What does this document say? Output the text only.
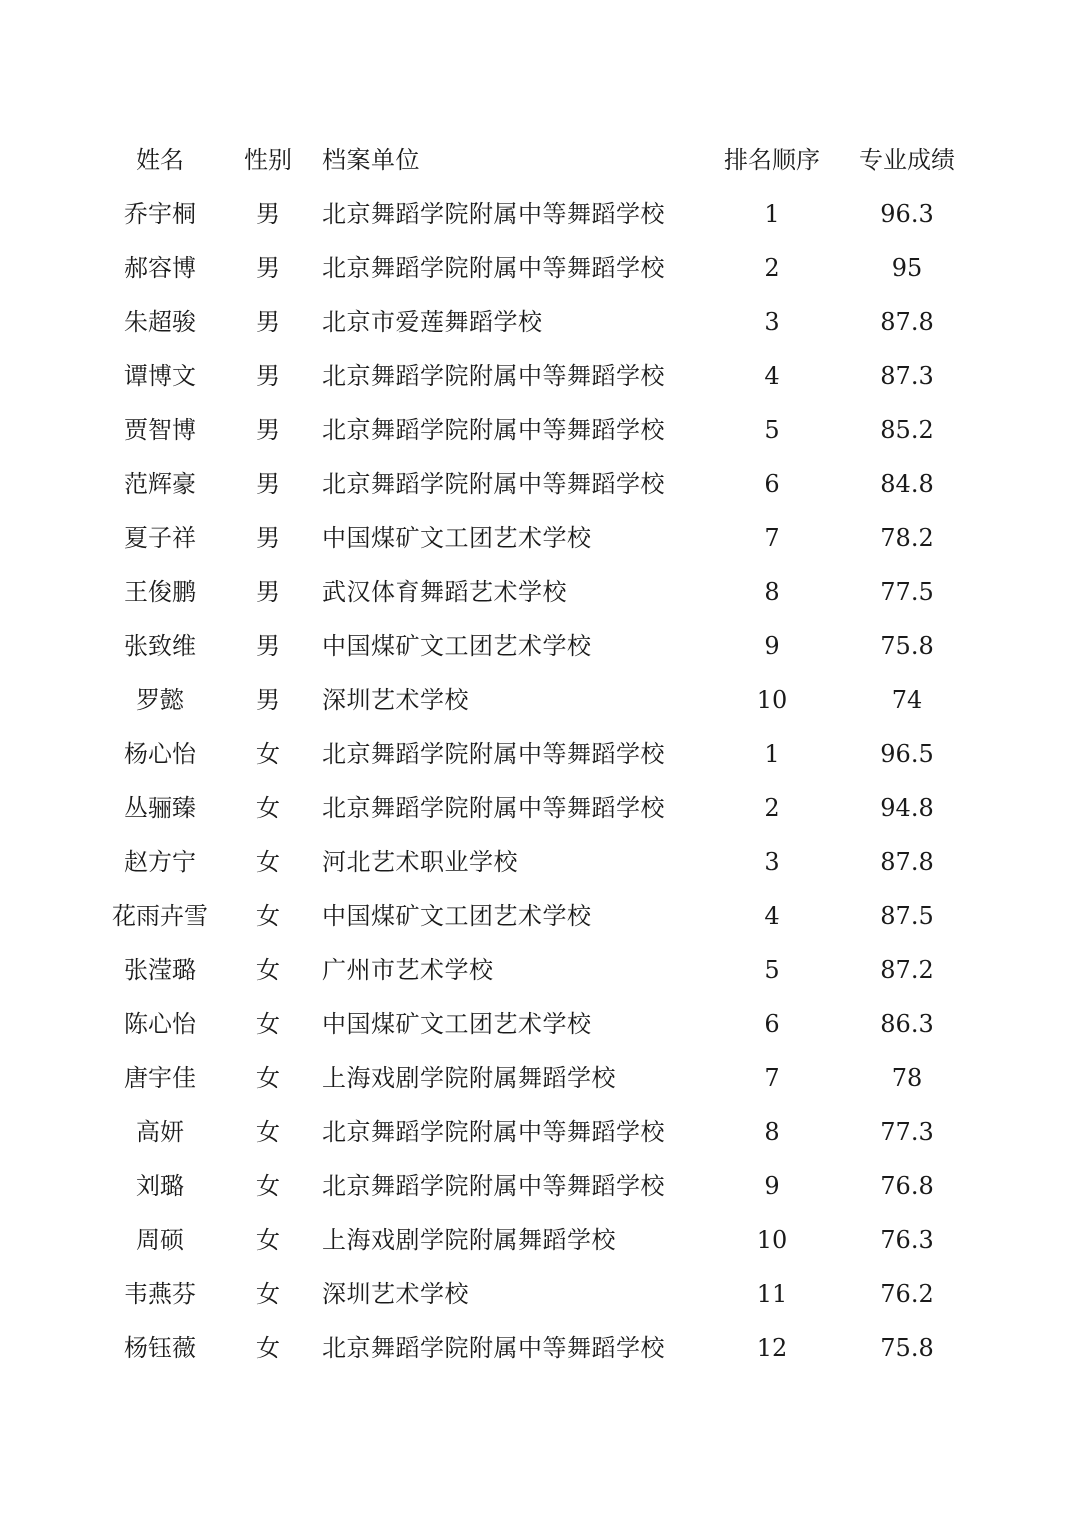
姓名	性别 档案单位	排名顺序	专业成绩
乔宇桐	男	北京舞蹈学院附属中等舞蹈学校	1	96.3
郝容博	男	北京舞蹈学院附属中等舞蹈学校	2	95
朱超骏	男	北京市爱莲舞蹈学校	3	87.8
谭博文	男	北京舞蹈学院附属中等舞蹈学校	4	87.3
贾智博	男	北京舞蹈学院附属中等舞蹈学校	5	85.2
范辉豪	男	北京舞蹈学院附属中等舞蹈学校	6	84.8
夏子祥	男	中国煤矿文工团艺术学校	7	78.2
王俊鹏	男	武汉体育舞蹈艺术学校	8	77.5
张致维	男	中国煤矿文工团艺术学校	9	75.8
罗懿	男	深圳艺术学校	10	74
杨心怡	女	北京舞蹈学院附属中等舞蹈学校	1	96.5
丛骊臻	女	北京舞蹈学院附属中等舞蹈学校	2	94.8
赵方宁	女	河北艺术职业学校	3	87.8
花雨卉雪	女	中国煤矿文工团艺术学校	4	87.5
张滢璐	女	广州市艺术学校	5	87.2
陈心怡	女	中国煤矿文工团艺术学校	6	86.3
唐宇佳	女	上海戏剧学院附属舞蹈学校	7	78
高妍	女	北京舞蹈学院附属中等舞蹈学校	8	77.3
刘璐	女	北京舞蹈学院附属中等舞蹈学校	9	76.8
周硕	女	上海戏剧学院附属舞蹈学校	10	76.3
韦燕芬	女	深圳艺术学校	11	76.2
杨钰薇	女	北京舞蹈学院附属中等舞蹈学校	12	75.8
